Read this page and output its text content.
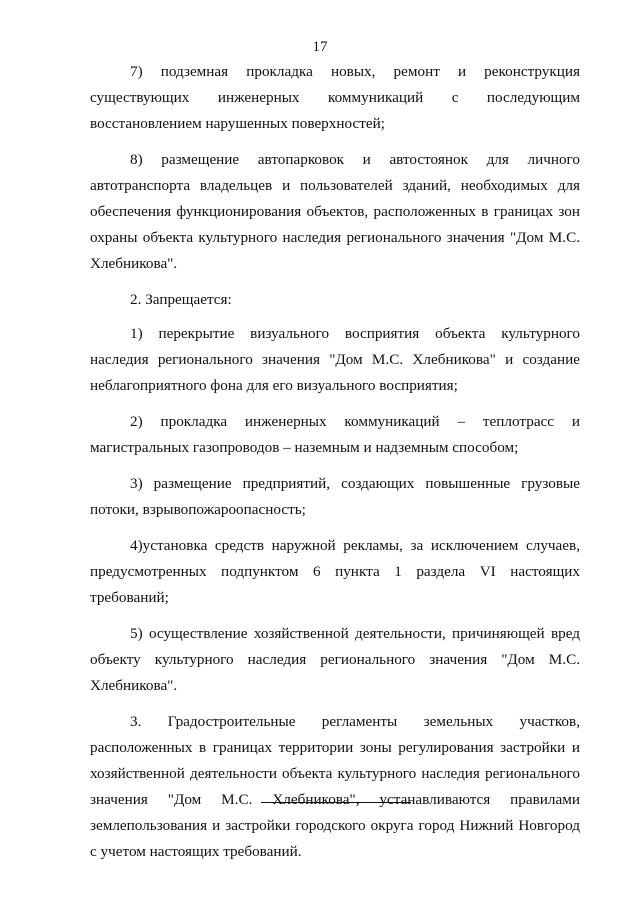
17

7) подземная прокладка новых, ремонт и реконструкция существующих инженерных коммуникаций с последующим восстановлением нарушенных поверхностей;

8) размещение автопарковок и автостоянок для личного автотранспорта владельцев и пользователей зданий, необходимых для обеспечения функционирования объектов, расположенных в границах зон охраны объекта культурного наследия регионального значения "Дом М.С. Хлебникова".

2. Запрещается:

1) перекрытие визуального восприятия объекта культурного наследия регионального значения "Дом М.С. Хлебникова" и создание неблагоприятного фона для его визуального восприятия;

2) прокладка инженерных коммуникаций – теплотрасс и магистральных газопроводов – наземным и надземным способом;

3) размещение предприятий, создающих повышенные грузовые потоки, взрывопожароопасность;

4)установка средств наружной рекламы, за исключением случаев, предусмотренных подпунктом 6 пункта 1 раздела VI настоящих требований;

5) осуществление хозяйственной деятельности, причиняющей вред объекту культурного наследия регионального значения "Дом М.С. Хлебникова".

3. Градостроительные регламенты земельных участков, расположенных в границах территории зоны регулирования застройки и хозяйственной деятельности объекта культурного наследия регионального значения "Дом М.С. Хлебникова", устанавливаются правилами землепользования и застройки городского округа город Нижний Новгород с учетом настоящих требований.
